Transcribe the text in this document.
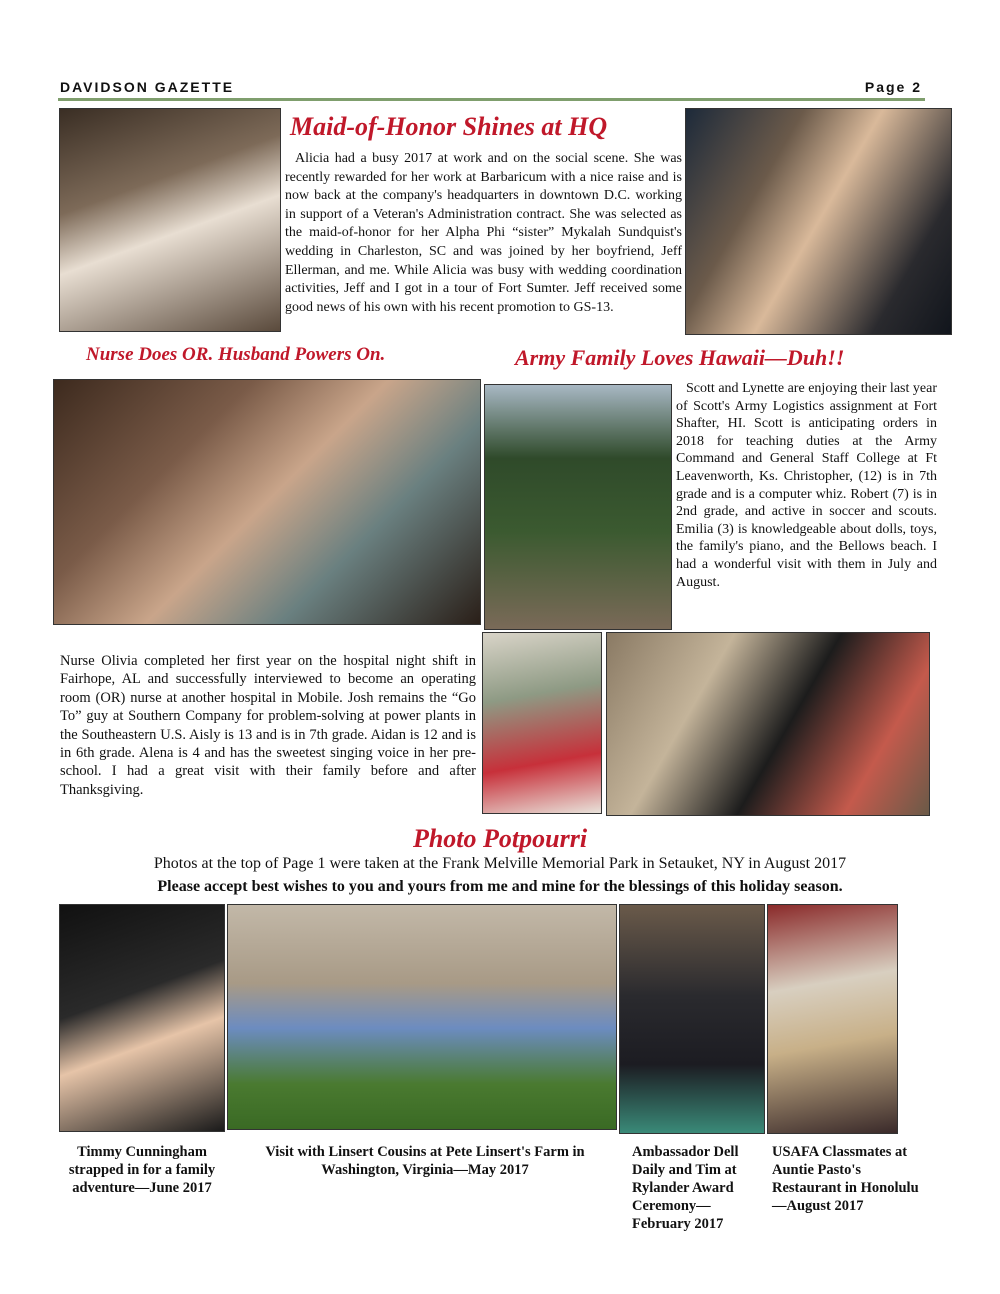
DAVIDSON GAZETTE	Page 2
Maid-of-Honor Shines at HQ
Alicia had a busy 2017 at work and on the social scene. She was recently rewarded for her work at Barbaricum with a nice raise and is now back at the company's headquarters in downtown D.C. working in support of a Veteran's Administration contract. She was selected as the maid-of-honor for her Alpha Phi “sister” Mykalah Sundquist's wedding in Charleston, SC and was joined by her boyfriend, Jeff Ellerman, and me. While Alicia was busy with wedding coordination activities, Jeff and I got in a tour of Fort Sumter. Jeff received some good news of his own with his recent promotion to GS-13.
Nurse Does OR. Husband Powers On.	Army Family Loves Hawaii—Duh!!
Scott and Lynette are enjoying their last year of Scott's Army Logistics assignment at Fort Shafter, HI. Scott is anticipating orders in 2018 for teaching duties at the Army Command and General Staff College at Ft Leavenworth, Ks. Christopher, (12) is in 7th grade and is a computer whiz. Robert (7) is in 2nd grade, and active in soccer and scouts. Emilia (3) is knowledgeable about dolls, toys, the family's piano, and the Bellows beach. I had a wonderful visit with them in July and August.
Nurse Olivia completed her first year on the hospital night shift in Fairhope, AL and successfully interviewed to become an operating room (OR) nurse at another hospital in Mobile. Josh remains the “Go To” guy at Southern Company for problem-solving at power plants in the Southeastern U.S. Aisly is 13 and is in 7th grade. Aidan is 12 and is in 6th grade. Alena is 4 and has the sweetest singing voice in her pre-school. I had a great visit with their family before and after Thanksgiving.
Photo Potpourri
Photos at the top of Page 1 were taken at the Frank Melville Memorial Park in Setauket, NY in August 2017
Please accept best wishes to you and yours from me and mine for the blessings of this holiday season.
Timmy Cunningham strapped in for a family adventure—June 2017
Visit with Linsert Cousins at Pete Linsert's Farm in Washington, Virginia—May 2017
Ambassador Dell Daily and Tim at Rylander Award Ceremony—February 2017
USAFA Classmates at Auntie Pasto's Restaurant in Honolulu—August 2017
